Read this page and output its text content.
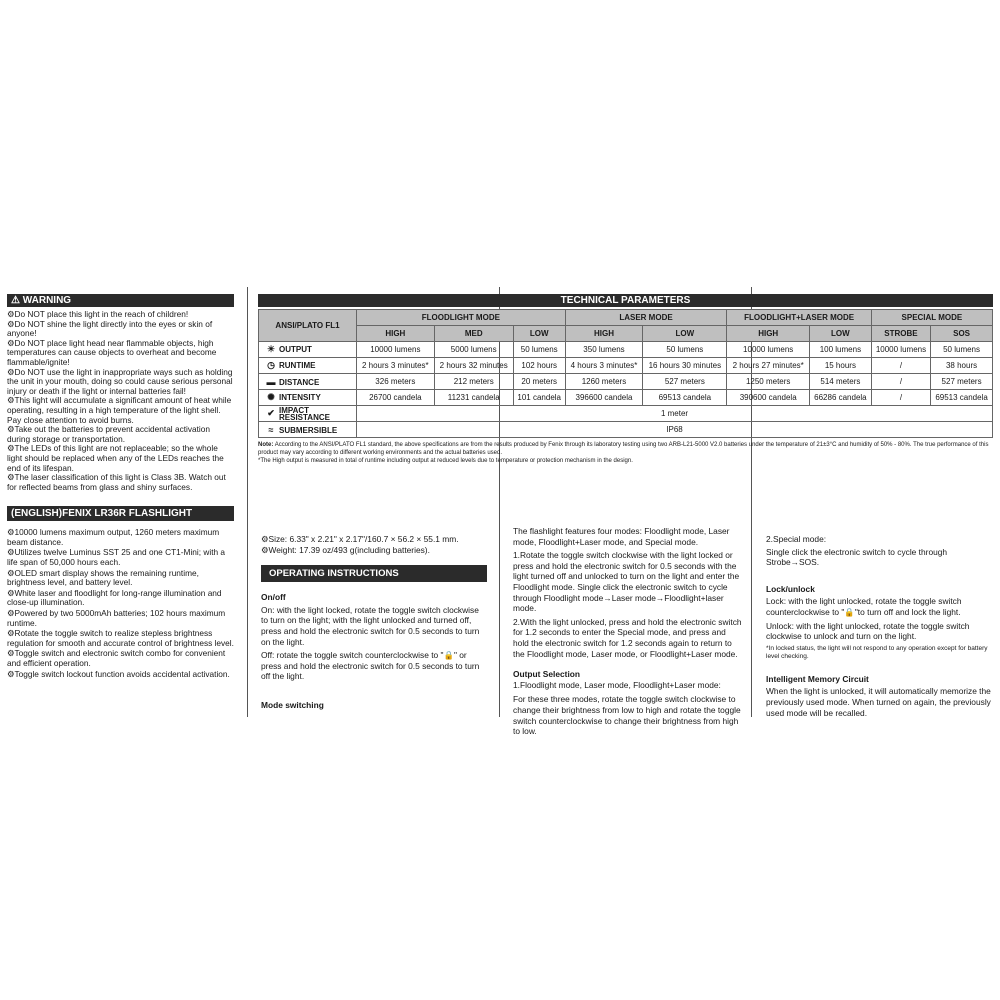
⚠ WARNING

⚙Do NOT place this light in the reach of children!

⚙Do NOT shine the light directly into the eyes or skin of anyone!

⚙Do NOT place light head near flammable objects, high temperatures can cause objects to overheat and become flammable/ignite!

⚙Do NOT use the light in inappropriate ways such as holding the unit in your mouth, doing so could cause serious personal injury or death if the light or internal batteries fail!

⚙This light will accumulate a significant amount of heat while operating, resulting in a high temperature of the light shell. Pay close attention to avoid burns.

⚙Take out the batteries to prevent accidental activation during storage or transportation.

⚙The LEDs of this light are not replaceable; so the whole light should be replaced when any of the LEDs reaches the end of its lifespan.

⚙The laser classification of this light is Class 3B. Watch out for reflected beams from glass and shiny surfaces.

(ENGLISH)FENIX LR36R FLASHLIGHT

⚙10000 lumens maximum output, 1260 meters maximum beam distance.

⚙Utilizes twelve Luminus SST 25 and one CT1-Mini; with a life span of 50,000 hours each.

⚙OLED smart display shows the remaining runtime, brightness level, and battery level.

⚙White laser and floodlight for long-range illumination and close-up illumination.

⚙Powered by two 5000mAh batteries; 102 hours maximum runtime.

⚙Rotate the toggle switch to realize stepless brightness regulation for smooth and accurate control of brightness level.

⚙Toggle switch and electronic switch combo for convenient and efficient operation.

⚙Toggle switch lockout function avoids accidental activation.

TECHNICAL PARAMETERS
ANSI/PLATO FL1	FLOODLIGHT MODE			LASER MODE		FLOODLIGHT+LASER MODE		SPECIAL MODE	
	HIGH	MED	LOW	HIGH	LOW	HIGH	LOW	STROBE	SOS
☀ OUTPUT	10000 lumens	5000 lumens	50 lumens	350 lumens	50 lumens	10000 lumens	100 lumens	10000 lumens	50 lumens
◷ RUNTIME	2 hours 3 minutes*	2 hours 32 minutes	102 hours	4 hours 3 minutes*	16 hours 30 minutes	2 hours 27 minutes*	15 hours	/	38 hours
▬ DISTANCE	326 meters	212 meters	20 meters	1260 meters	527 meters	1250 meters	514 meters	/	527 meters
✺ INTENSITY	26700 candela	11231 candela	101 candela	396600 candela	69513 candela	390600 candela	66286 candela	/	69513 candela
✔ IMPACT RESISTANCE	1 meter								
≈ SUBMERSIBLE	IP68								

Note: According to the ANSI/PLATO FL1 standard, the above specifications are from the results produced by Fenix through its laboratory testing using two ARB-L21-5000 V2.0 batteries under the temperature of 21±3°C and humidity of 50% - 80%. The true performance of this product may vary according to different working environments and the actual batteries used.

*The High output is measured in total of runtime including output at reduced levels due to temperature or protection mechanism in the design.

⚙Size: 6.33" x 2.21" x 2.17"/160.7 × 56.2 × 55.1 mm.

⚙Weight: 17.39 oz/493 g(including batteries).

OPERATING INSTRUCTIONS

On/off

On: with the light locked, rotate the toggle switch clockwise to turn on the light; with the light unlocked and turned off, press and hold the electronic switch for 0.5 seconds to turn on the light.

Off: rotate the toggle switch counterclockwise to "🔒" or press and hold the electronic switch for 0.5 seconds to turn off the light.

Mode switching

The flashlight features four modes: Floodlight mode, Laser mode, Floodlight+Laser mode, and Special mode.

1.Rotate the toggle switch clockwise with the light locked or press and hold the electronic switch for 0.5 seconds with the light turned off and unlocked to turn on the light and enter the Floodlight mode. Single click the electronic switch to cycle through Floodlight mode→Laser mode→Floodlight+laser mode.

2.With the light unlocked, press and hold the electronic switch for 1.2 seconds to enter the Special mode, and press and hold the electronic switch for 1.2 seconds again to return to the Floodlight mode, Laser mode, or Floodlight+Laser mode.

Output Selection

1.Floodlight mode, Laser mode, Floodlight+Laser mode:

For these three modes, rotate the toggle switch clockwise to change their brightness from low to high and rotate the toggle switch counterclockwise to change their brightness from high to low.

2.Special mode:

Single click the electronic switch to cycle through Strobe→SOS.

Lock/unlock

Lock: with the light unlocked, rotate the toggle switch counterclockwise to "🔒"to turn off and lock the light.

Unlock: with the light unlocked, rotate the toggle switch clockwise to unlock and turn on the light.

*In locked status, the light will not respond to any operation except for battery level checking.

Intelligent Memory Circuit

When the light is unlocked, it will automatically memorize the previously used mode. When turned on again, the previously used mode will be recalled.
